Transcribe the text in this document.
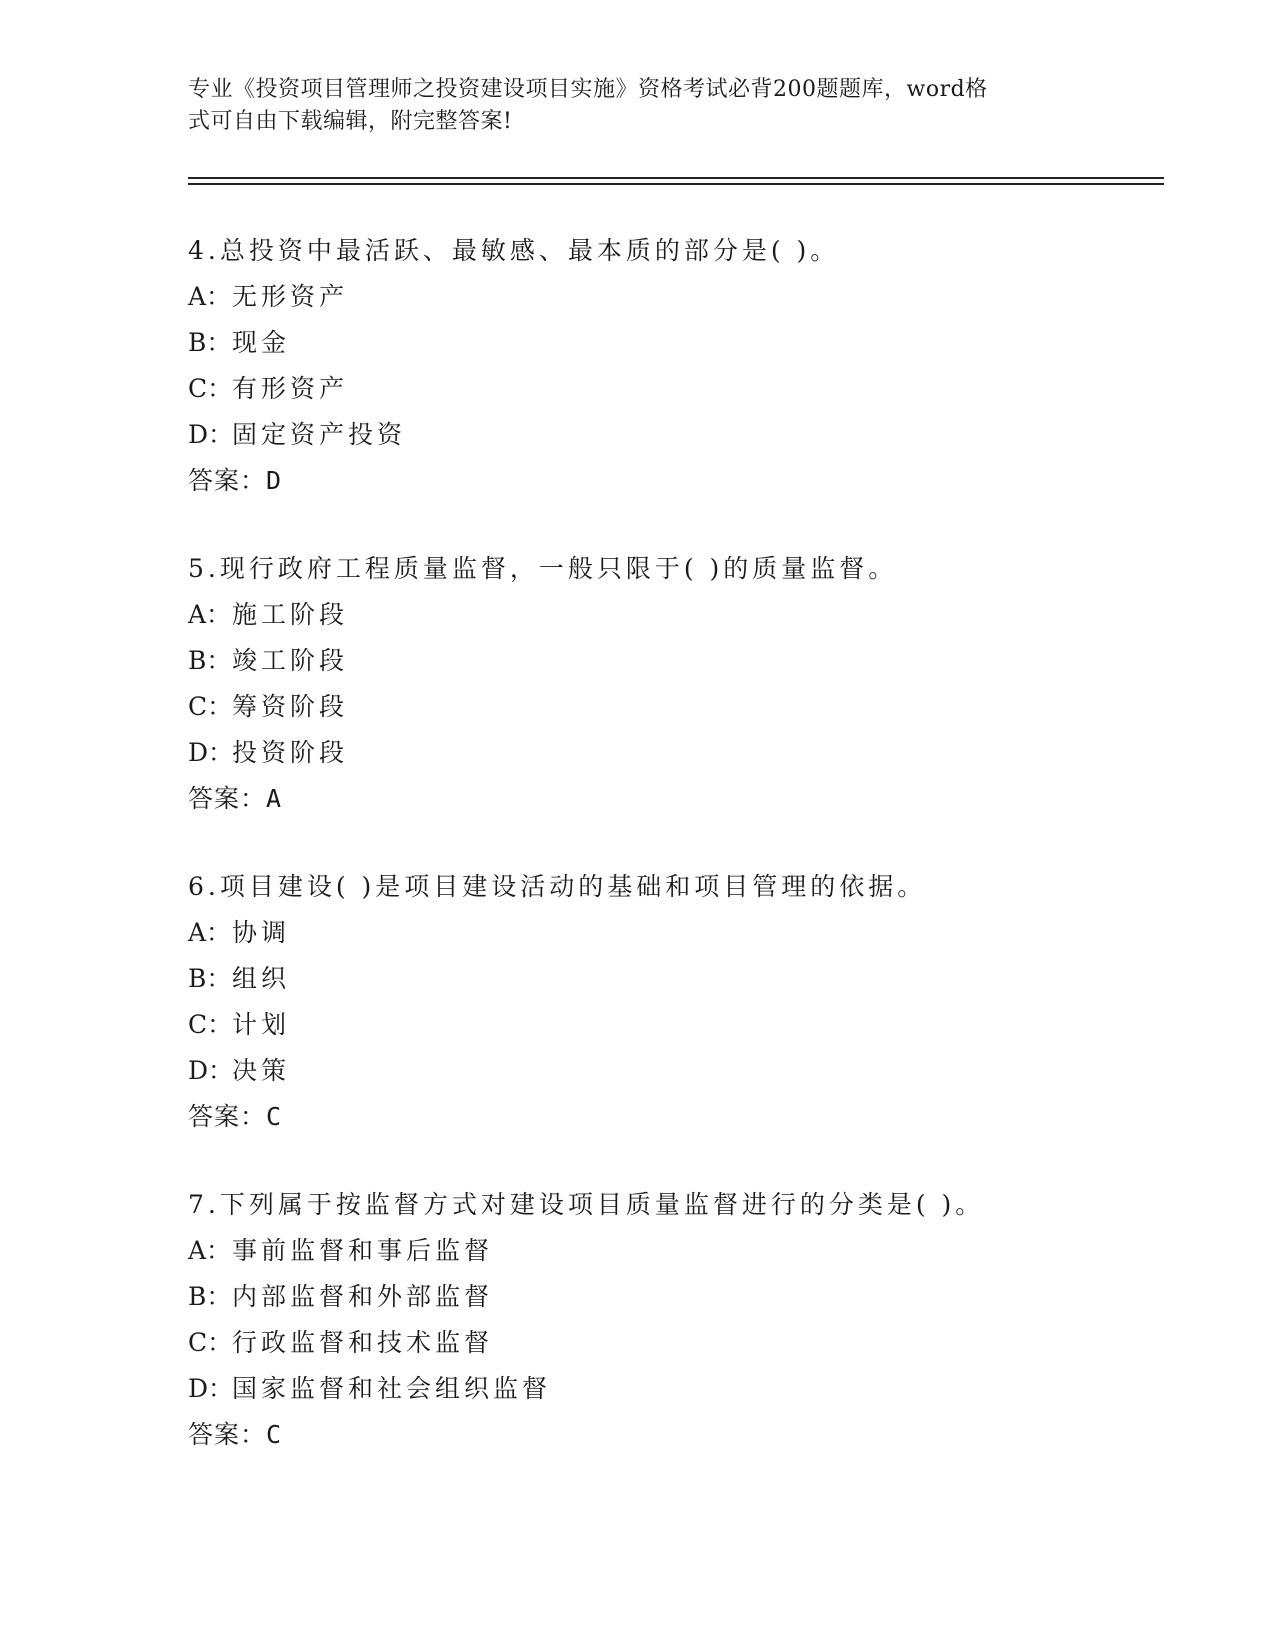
专业《投资项目管理师之投资建设项目实施》资格考试必背200题题库，word格
式可自由下载编辑，附完整答案!
4.总投资中最活跃、最敏感、最本质的部分是( )。
A：无形资产
B：现金
C：有形资产
D：固定资产投资
答案：D
5.现行政府工程质量监督，一般只限于( )的质量监督。
A：施工阶段
B：竣工阶段
C：筹资阶段
D：投资阶段
答案：A
6.项目建设( )是项目建设活动的基础和项目管理的依据。
A：协调
B：组织
C：计划
D：决策
答案：C
7.下列属于按监督方式对建设项目质量监督进行的分类是( )。
A：事前监督和事后监督
B：内部监督和外部监督
C：行政监督和技术监督
D：国家监督和社会组织监督
答案：C
